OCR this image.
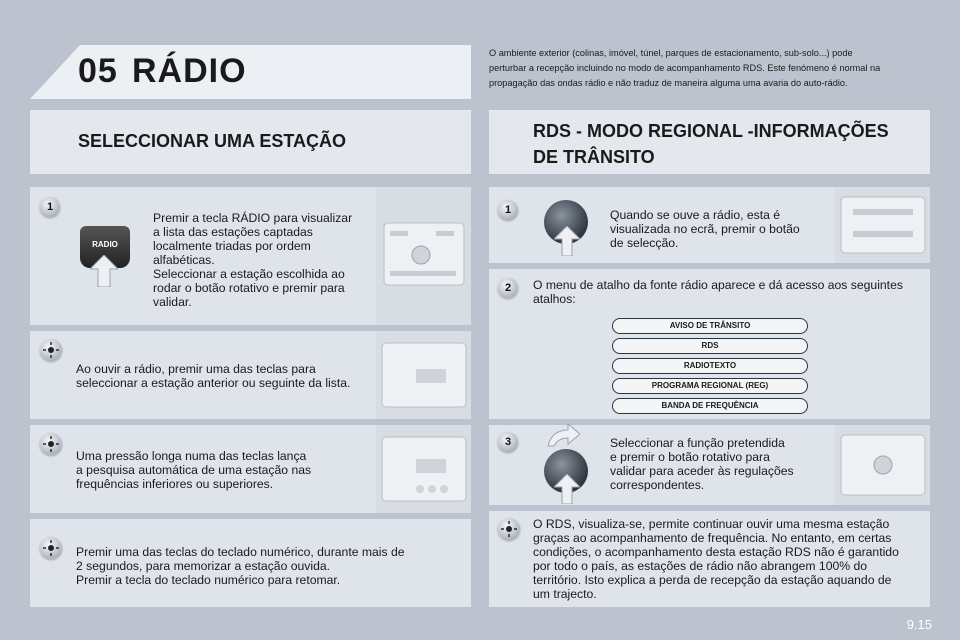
05 RÁDIO	O ambiente exterior (colinas, imóvel, túnel, parques de estacionamento, sub-solo...) pode perturbar a recepção incluindo no modo de acompanhamento RDS. Este fenómeno é normal na propagação das ondas rádio e não traduz de maneira alguma uma avaria do auto-rádio.
SELECCIONAR UMA ESTAÇÃO	RDS - MODO REGIONAL -INFORMAÇÕES
DE TRÂNSITO
1
RADIO
Premir a tecla RÁDIO para visualizar
a lista das estações captadas
localmente triadas por ordem
alfabéticas.
Seleccionar a estação escolhida ao
rodar o botão rotativo e premir para
validar.
Ao ouvir a rádio, premir uma das teclas para
seleccionar a estação anterior ou seguinte da lista.
Uma pressão longa numa das teclas lança
a pesquisa automática de uma estação nas
frequências inferiores ou superiores.
Premir uma das teclas do teclado numérico, durante mais de
2 segundos, para memorizar a estação ouvida.
Premir a tecla do teclado numérico para retomar.
1	Quando se ouve a rádio, esta é
visualizada no ecrã, premir o botão
de selecção.
2	O menu de atalho da fonte rádio aparece e dá acesso aos seguintes
atalhos:
AVISO DE TRÂNSITO
RDS
RADIOTEXTO
PROGRAMA REGIONAL (REG)
BANDA DE FREQUÊNCIA
3	Seleccionar a função pretendida
e premir o botão rotativo para
validar para aceder às regulações
correspondentes.
O RDS, visualiza-se, permite continuar ouvir uma mesma estação
graças ao acompanhamento de frequência. No entanto, em certas
condições, o acompanhamento desta estação RDS não é garantido
por todo o país, as estações de rádio não abrangem 100% do
território. Isto explica a perda de recepção da estação aquando de
um trajecto.
9.15
